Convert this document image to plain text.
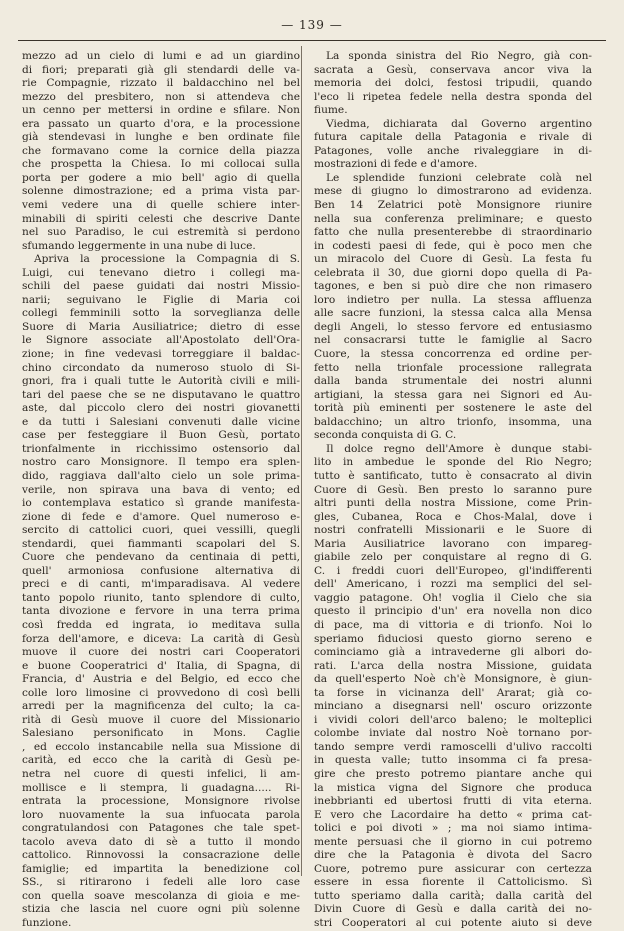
— 139 —
mezzo ad un cielo di lumi e ad un giardino
di fiori; preparati già gli stendardi delle va-
rie Compagnie, rizzato il baldacchino nel bel
mezzo del presbitero, non si attendeva che
un cenno per mettersi in ordine e sfilare. Non
era passato un quarto d'ora, e la processione
già stendevasi in lunghe e ben ordinate file
che formavano come la cornice della piazza
che prospetta la Chiesa. Io mi collocai sulla
porta per godere a mio bell' agio di quella
solenne dimostrazione; ed a prima vista par-
vemi vedere una di quelle schiere inter-
minabili di spiriti celesti che descrive Dante
nel suo Paradiso, le cui estremità si perdono
sfumando leggermente in una nube di luce.
Apriva la processione la Compagnia di S.
Luigi, cui tenevano dietro i collegi ma-
schili del paese guidati dai nostri Missio-
narii; seguivano le Figlie di Maria coi
collegi femminili sotto la sorveglianza delle
Suore di Maria Ausiliatrice; dietro di esse
le Signore associate all'Apostolato dell'Ora-
zione; in fine vedevasi torreggiare il baldac-
chino circondato da numeroso stuolo di Si-
gnori, fra i quali tutte le Autorità civili e mili-
tari del paese che se ne disputavano le quattro
aste, dal piccolo clero dei nostri giovanetti
e da tutti i Salesiani convenuti dalle vicine
case per festeggiare il Buon Gesù, portato
trionfalmente in ricchissimo ostensorio dal
nostro caro Monsignore. Il tempo era splen-
dido, raggiava dall'alto cielo un sole prima-
verile, non spirava una bava di vento; ed
io contemplava estatico sì grande manifesta-
zione di fede e d'amore. Quel numeroso e-
sercito di cattolici cuori, quei vessilli, quegli
stendardi, quei fiammanti scapolari del S.
Cuore che pendevano da centinaia di petti,
quell' armoniosa confusione alternativa di
preci e di canti, m'imparadisava. Al vedere
tanto popolo riunito, tanto splendore di culto,
tanta divozione e fervore in una terra prima
così fredda ed ingrata, io meditava sulla
forza dell'amore, e diceva: La carità di Gesù
muove il cuore dei nostri cari Cooperatori
e buone Cooperatrici d' Italia, di Spagna, di
Francia, d' Austria e del Belgio, ed ecco che
colle loro limosine ci provvedono di così belli
arredi per la magnificenza del culto; la ca-
rità di Gesù muove il cuore del Missionario
Salesiano personificato in Mons. Caglie
, ed eccolo instancabile nella sua Missione di
carità, ed ecco che la carità di Gesù pe-
netra nel cuore di questi infelici, li am-
mollisce e li stempra, li guadagna..... Ri-
entrata la processione, Monsignore rivolse
loro nuovamente la sua infuocata parola
congratulandosi con Patagones che tale spet-
tacolo aveva dato di sè a tutto il mondo
cattolico. Rinnovossi la consacrazione delle
famiglie; ed impartita la benedizione col
SS., si ritirarono i fedeli alle loro case
con quella soave mescolanza di gioia e me-
stizia che lascia nel cuore ogni più solenne
funzione.
La sponda sinistra del Rio Negro, già con-
sacrata a Gesù, conservava ancor viva la
memoria dei dolci, festosi tripudii, quando
l'eco li ripetea fedele nella destra sponda del
fiume.
Viedma, dichiarata dal Governo argentino
futura capitale della Patagonia e rivale di
Patagones, volle anche rivaleggiare in di-
mostrazioni di fede e d'amore.
Le splendide funzioni celebrate colà nel
mese di giugno lo dimostrarono ad evidenza.
Ben 14 Zelatrici potè Monsignore riunire
nella sua conferenza preliminare; e questo
fatto che nulla presenterebbe di straordinario
in codesti paesi di fede, qui è poco men che
un miracolo del Cuore di Gesù. La festa fu
celebrata il 30, due giorni dopo quella di Pa-
tagones, e ben si può dire che non rimasero
loro indietro per nulla. La stessa affluenza
alle sacre funzioni, la stessa calca alla Mensa
degli Angeli, lo stesso fervore ed entusiasmo
nel consacrarsi tutte le famiglie al Sacro
Cuore, la stessa concorrenza ed ordine per-
fetto nella trionfale processione rallegrata
dalla banda strumentale dei nostri alunni
artigiani, la stessa gara nei Signori ed Au-
torità più eminenti per sostenere le aste del
baldacchino; un altro trionfo, insomma, una
seconda conquista di G. C.
Il dolce regno dell'Amore è dunque stabi-
lito in ambedue le sponde del Rio Negro;
tutto è santificato, tutto è consacrato al divin
Cuore di Gesù. Ben presto lo saranno pure
altri punti della nostra Missione, come Prin-
gles, Cubanea, Roca e Chos-Malal, dove i
nostri confratelli Missionarii e le Suore di
Maria Ausiliatrice lavorano con impareg-
giabile zelo per conquistare al regno di G.
C. i freddi cuori dell'Europeo, gl'indifferenti
dell' Americano, i rozzi ma semplici del sel-
vaggio patagone. Oh! voglia il Cielo che sia
questo il principio d'un' era novella non dico
di pace, ma di vittoria e di trionfo. Noi lo
speriamo fiduciosi questo giorno sereno e
cominciamo già a intravederne gli albori do-
rati. L'arca della nostra Missione, guidata
da quell'esperto Noè ch'è Monsignore, è giun-
ta forse in vicinanza dell' Ararat; già co-
minciano a disegnarsi nell' oscuro orizzonte
i vividi colori dell'arco baleno; le molteplici
colombe inviate dal nostro Noè tornano por-
tando sempre verdi ramoscelli d'ulivo raccolti
in questa valle; tutto insomma ci fa presa-
gire che presto potremo piantare anche qui
la mistica vigna del Signore che produca
inebbrianti ed ubertosi frutti di vita eterna.
E vero che Lacordaire ha detto « prima cat-
tolici e poi divoti » ; ma noi siamo intima-
mente persuasi che il giorno in cui potremo
dire che la Patagonia è divota del Sacro
Cuore, potremo pure assicurar con certezza
essere in essa fiorente il Cattolicismo. Sì
tutto speriamo dalla carità; dalla carità del
Divin Cuore di Gesù e dalla carità dei no-
stri Cooperatori al cui potente aiuto si deve
